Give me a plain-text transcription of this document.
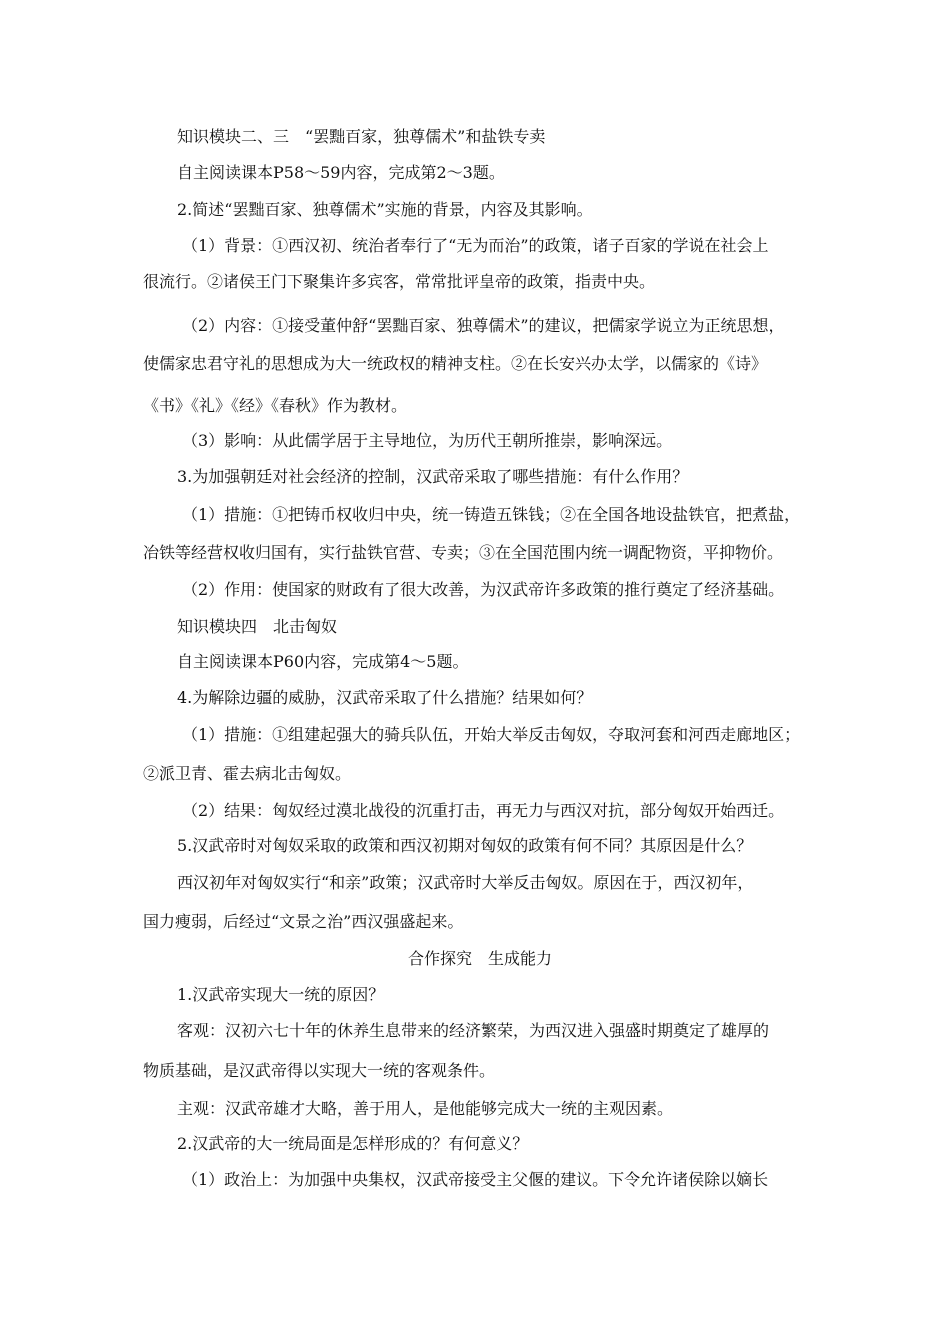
知识模块二、三　“罢黜百家，独尊儒术”和盐铁专卖
自主阅读课本P58～59内容，完成第2～3题。
2.简述“罢黜百家、独尊儒术”实施的背景，内容及其影响。
（1）背景：①西汉初、统治者奉行了“无为而治”的政策，诸子百家的学说在社会上
很流行。②诸侯王门下聚集许多宾客，常常批评皇帝的政策，指责中央。
（2）内容：①接受董仲舒“罢黜百家、独尊儒术”的建议，把儒家学说立为正统思想，
使儒家忠君守礼的思想成为大一统政权的精神支柱。②在长安兴办太学，以儒家的《诗》
《书》《礼》《经》《春秋》作为教材。
（3）影响：从此儒学居于主导地位，为历代王朝所推崇，影响深远。
3.为加强朝廷对社会经济的控制，汉武帝采取了哪些措施：有什么作用？
（1）措施：①把铸币权收归中央，统一铸造五铢钱；②在全国各地设盐铁官，把煮盐，
冶铁等经营权收归国有，实行盐铁官营、专卖；③在全国范围内统一调配物资，平抑物价。
（2）作用：使国家的财政有了很大改善，为汉武帝许多政策的推行奠定了经济基础。
知识模块四　北击匈奴
自主阅读课本P60内容，完成第4～5题。
4.为解除边疆的威胁，汉武帝采取了什么措施？结果如何？
（1）措施：①组建起强大的骑兵队伍，开始大举反击匈奴，夺取河套和河西走廊地区；
②派卫青、霍去病北击匈奴。
（2）结果：匈奴经过漠北战役的沉重打击，再无力与西汉对抗，部分匈奴开始西迁。
5.汉武帝时对匈奴采取的政策和西汉初期对匈奴的政策有何不同？其原因是什么？
西汉初年对匈奴实行“和亲”政策；汉武帝时大举反击匈奴。原因在于，西汉初年，
国力瘦弱，后经过“文景之治”西汉强盛起来。
合作探究　生成能力
1.汉武帝实现大一统的原因？
客观：汉初六七十年的休养生息带来的经济繁荣，为西汉进入强盛时期奠定了雄厚的
物质基础，是汉武帝得以实现大一统的客观条件。
主观：汉武帝雄才大略，善于用人，是他能够完成大一统的主观因素。
2.汉武帝的大一统局面是怎样形成的？有何意义？
（1）政治上：为加强中央集权，汉武帝接受主父偃的建议。下令允许诸侯除以嫡长
